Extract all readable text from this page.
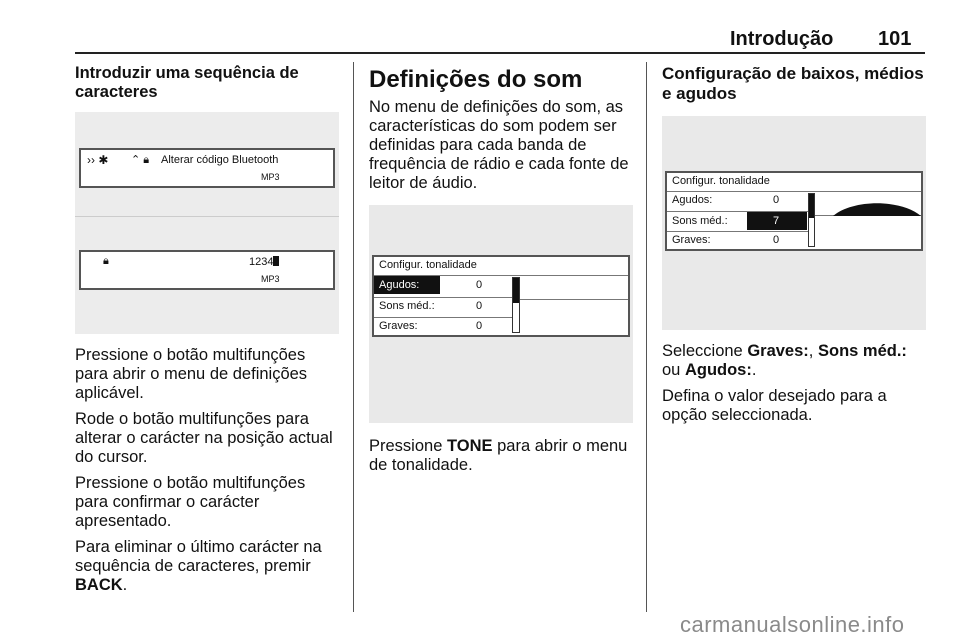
Introdução 101
Introduzir uma sequência de caracteres
›› ✱ ⌃ 🔒︎ Alterar código Bluetooth
MP3
🔒︎	1234
MP3

Pressione o botão multifunções para abrir o menu de definições aplicável.

Rode o botão multifunções para alterar o carácter na posição actual do cursor.

Pressione o botão multifunções para confirmar o carácter apresentado.

Para eliminar o último carácter na sequência de caracteres, premir BACK.

Definições do som

No menu de definições do som, as características do som podem ser definidas para cada banda de frequência de rádio e cada fonte de leitor de áudio.

Configur. tonalidade
Agudos:	0
Sons méd.:	0
Graves:	0

Pressione TONE para abrir o menu de tonalidade.

Configuração de baixos, médios e agudos
Configur. tonalidade
Agudos:	0
Sons méd.:	7
Graves:	0

Seleccione Graves:, Sons méd.: ou Agudos:.

Defina o valor desejado para a opção seleccionada.

carmanualsonline.info
